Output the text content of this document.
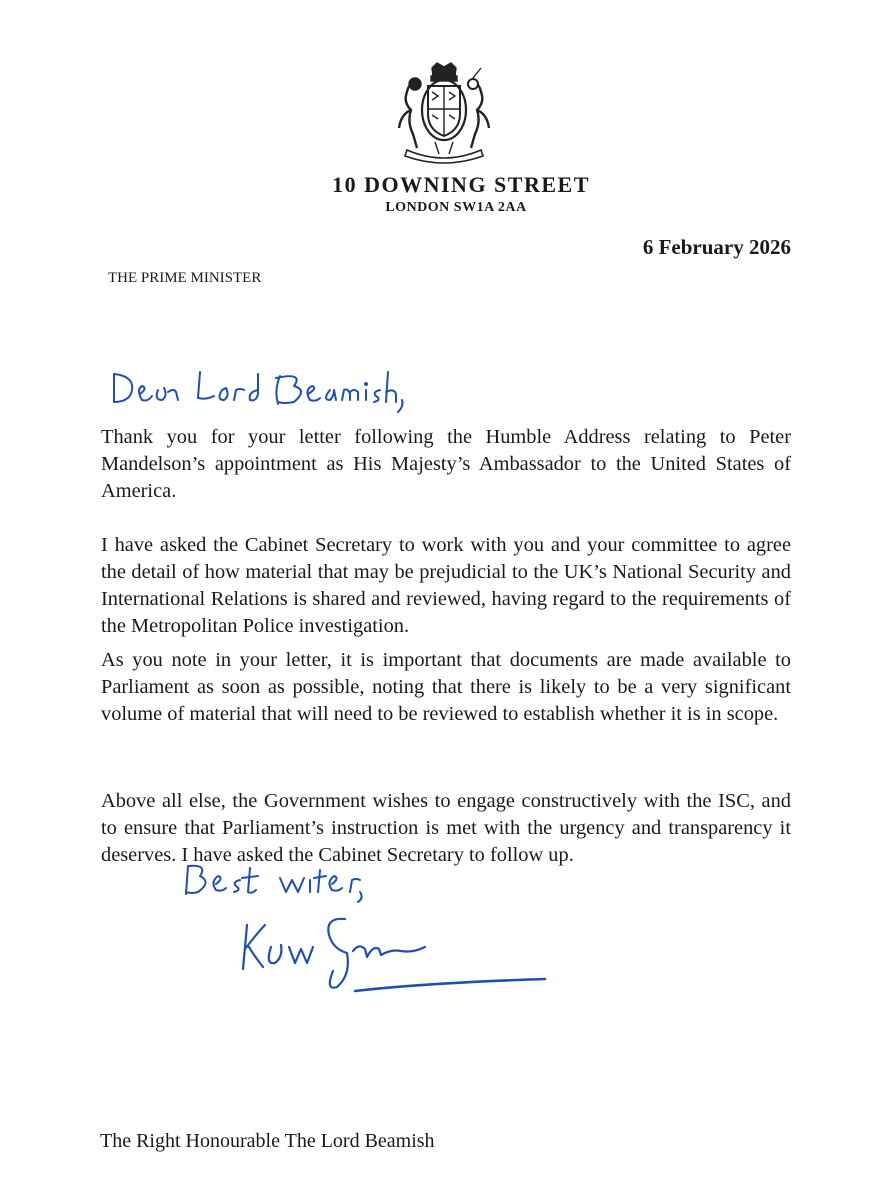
10 DOWNING STREET
LONDON SW1A 2AA
6 February 2026
THE PRIME MINISTER
Thank you for your letter following the Humble Address relating to Peter Mandelson’s appointment as His Majesty’s Ambassador to the United States of America.
I have asked the Cabinet Secretary to work with you and your committee to agree the detail of how material that may be prejudicial to the UK’s National Security and International Relations is shared and reviewed, having regard to the requirements of the Metropolitan Police investigation.
As you note in your letter, it is important that documents are made available to Parliament as soon as possible, noting that there is likely to be a very significant volume of material that will need to be reviewed to establish whether it is in scope.
Above all else, the Government wishes to engage constructively with the ISC, and to ensure that Parliament’s instruction is met with the urgency and transparency it deserves. I have asked the Cabinet Secretary to follow up.
The Right Honourable The Lord Beamish
